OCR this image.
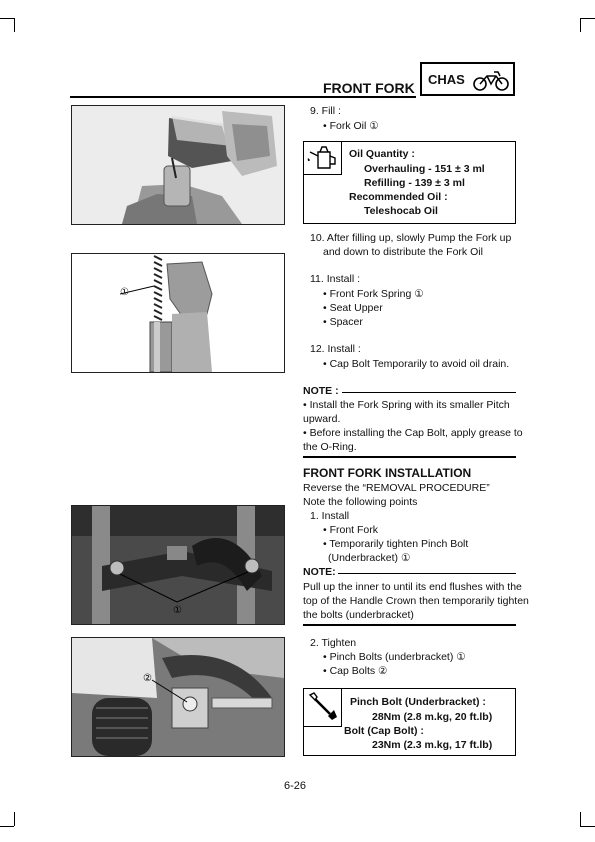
FRONT FORK
CHAS
①
①
②
9. Fill :
• Fork Oil ①
Oil Quantity :
Overhauling - 151 ± 3 ml
Refilling - 139 ± 3 ml
Recommended Oil :
Teleshocab Oil
10. After filling up, slowly Pump the Fork up
and down to distribute the Fork Oil
11. Install :
• Front Fork Spring ①
• Seat Upper
• Spacer
12. Install :
• Cap Bolt Temporarily to avoid oil drain.
NOTE :
• Install the Fork Spring with its smaller Pitch
upward.
• Before installing the Cap Bolt, apply grease to
the O-Ring.
FRONT FORK INSTALLATION
Reverse the “REMOVAL PROCEDURE”
Note the following points
1. Install
• Front Fork
• Temporarily tighten Pinch Bolt
(Underbracket) ①
NOTE:
Pull up the inner to until its end flushes with the
top of the Handle Crown then temporarily tighten
the bolts (underbracket)
2. Tighten
• Pinch Bolts (underbracket) ①
• Cap Bolts ②
Pinch Bolt (Underbracket) :
28Nm (2.8 m.kg, 20 ft.lb)
Bolt (Cap Bolt) :
23Nm (2.3 m.kg, 17 ft.lb)
6-26
